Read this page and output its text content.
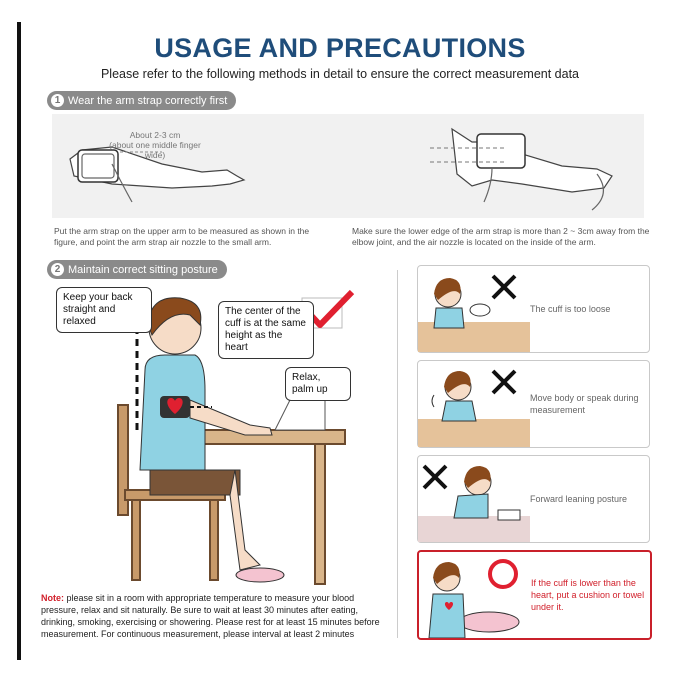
USAGE AND PRECAUTIONS
Please refer to the following methods in detail to ensure the correct measurement data
1 Wear the arm strap correctly first
About 2-3 cm
(about one middle finger wide)
Put the arm strap on the upper arm to be measured as shown in the figure, and point the arm strap air nozzle to the small arm.
Make sure the lower edge of the arm strap is more than 2 ~ 3cm away from the elbow joint, and the air nozzle is located on the inside of the arm.
2 Maintain correct sitting posture
Keep your back straight and relaxed
The center of the cuff is at the same height as the heart
Relax, palm up
Note: please sit in a room with appropriate temperature to measure your blood pressure, relax and sit naturally. Be sure to wait at least 30 minutes after eating, drinking, smoking, exercising or showering. Please rest for at least 15 minutes before measurement. For continuous measurement, please interval at least 2 minutes
The cuff is too loose
Move body or speak during measurement
Forward leaning posture
If the cuff is lower than the heart, put a cushion or towel under it.
